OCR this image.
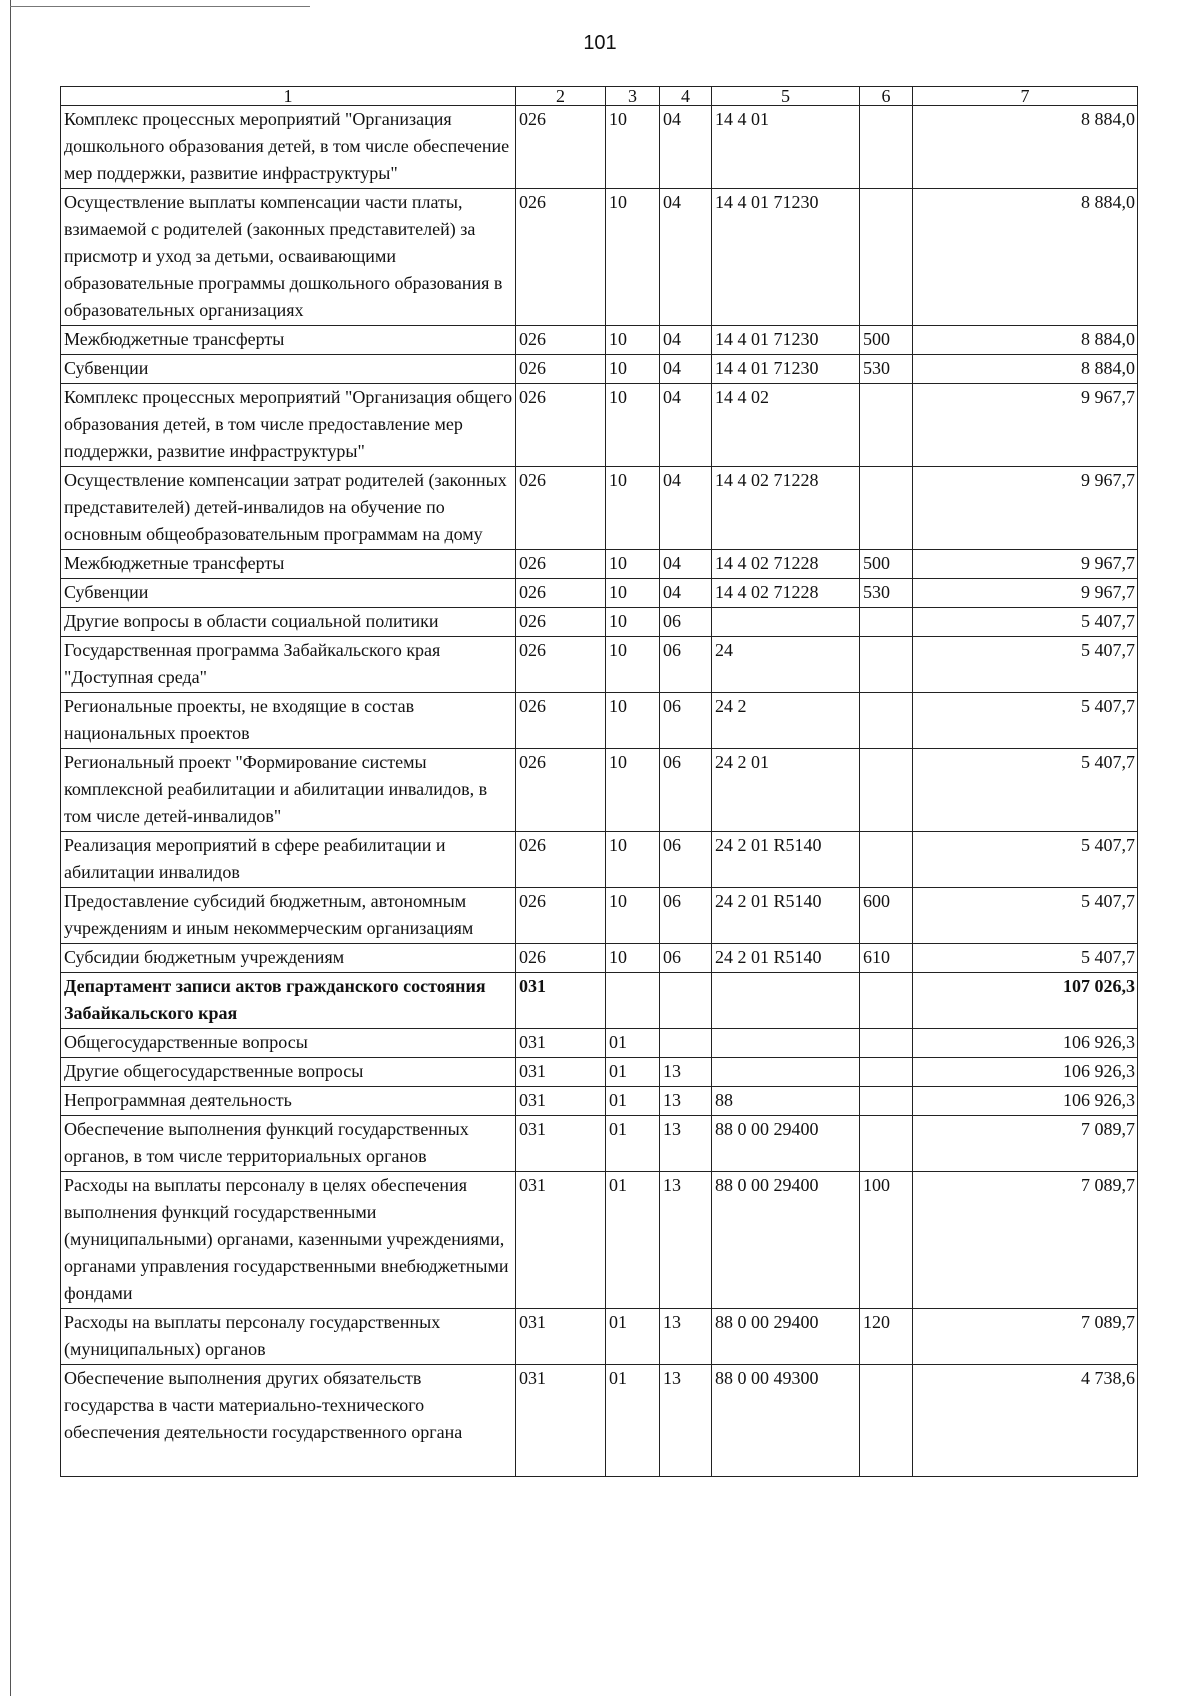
101
1	2	3	4	5	6	7
Комплекс процессных мероприятий "Организация дошкольного образования детей, в том числе обеспечение мер поддержки, развитие инфраструктуры"	026	10	04	14 4 01		8 884,0
Осуществление выплаты компенсации части платы, взимаемой с родителей (законных представителей) за присмотр и уход за детьми, осваивающими образовательные программы дошкольного образования в образовательных организациях	026	10	04	14 4 01 71230		8 884,0
Межбюджетные трансферты	026	10	04	14 4 01 71230	500	8 884,0
Субвенции	026	10	04	14 4 01 71230	530	8 884,0
Комплекс процессных мероприятий "Организация общего образования детей, в том числе предоставление мер поддержки, развитие инфраструктуры"	026	10	04	14 4 02		9 967,7
Осуществление компенсации затрат родителей (законных представителей) детей-инвалидов на обучение по основным общеобразовательным программам на дому	026	10	04	14 4 02 71228		9 967,7
Межбюджетные трансферты	026	10	04	14 4 02 71228	500	9 967,7
Субвенции	026	10	04	14 4 02 71228	530	9 967,7
Другие вопросы в области социальной политики	026	10	06			5 407,7
Государственная программа Забайкальского края "Доступная среда"	026	10	06	24		5 407,7
Региональные проекты, не входящие в состав национальных проектов	026	10	06	24 2		5 407,7
Региональный проект "Формирование системы комплексной реабилитации и абилитации инвалидов, в том числе детей-инвалидов"	026	10	06	24 2 01		5 407,7
Реализация мероприятий в сфере реабилитации и абилитации инвалидов	026	10	06	24 2 01 R5140		5 407,7
Предоставление субсидий бюджетным, автономным учреждениям и иным некоммерческим организациям	026	10	06	24 2 01 R5140	600	5 407,7
Субсидии бюджетным учреждениям	026	10	06	24 2 01 R5140	610	5 407,7
Департамент записи актов гражданского состояния Забайкальского края	031					107 026,3
Общегосударственные вопросы	031	01				106 926,3
Другие общегосударственные вопросы	031	01	13			106 926,3
Непрограммная деятельность	031	01	13	88		106 926,3
Обеспечение выполнения функций государственных органов, в том числе территориальных органов	031	01	13	88 0 00 29400		7 089,7
Расходы на выплаты персоналу в целях обеспечения выполнения функций государственными (муниципальными) органами, казенными учреждениями, органами управления государственными внебюджетными фондами	031	01	13	88 0 00 29400	100	7 089,7
Расходы на выплаты персоналу государственных (муниципальных) органов	031	01	13	88 0 00 29400	120	7 089,7
Обеспечение выполнения других обязательств государства в части материально-технического обеспечения деятельности государственного органа	031	01	13	88 0 00 49300		4 738,6
